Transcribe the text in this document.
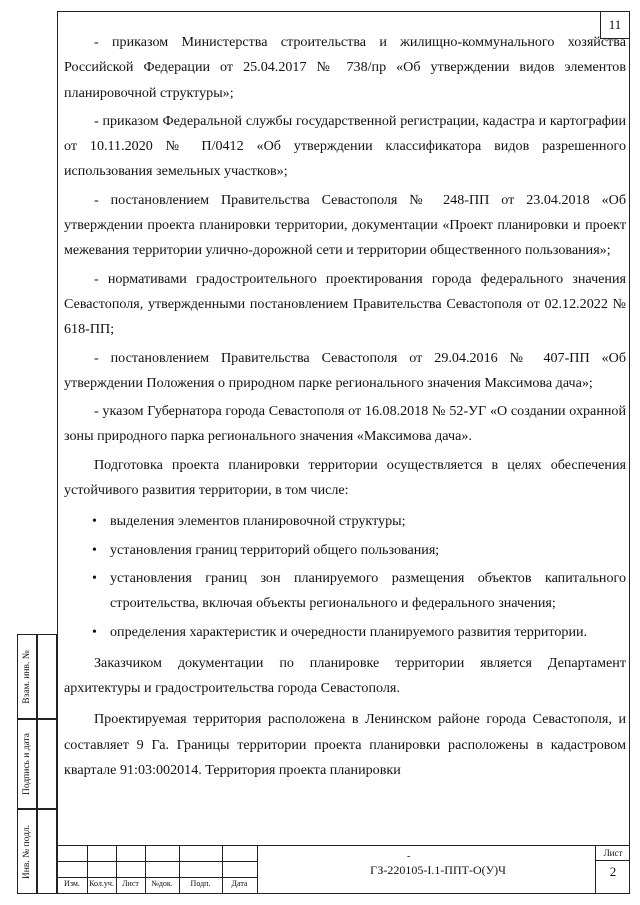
11

- приказом Министерства строительства и жилищно-коммунального хозяйства Российской Федерации от 25.04.2017 № 738/пр «Об утверждении видов элементов планировочной структуры»;

- приказом Федеральной службы государственной регистрации, кадастра и картографии от 10.11.2020 № П/0412 «Об утверждении классификатора видов разрешенного использования земельных участков»;

- постановлением Правительства Севастополя № 248-ПП от 23.04.2018 «Об утверждении проекта планировки территории, документации «Проект планировки и проект межевания территории улично-дорожной сети и территории общественного пользования»;

- нормативами градостроительного проектирования города федерального значения Севастополя, утвержденными постановлением Правительства Севастополя от 02.12.2022 № 618-ПП;

- постановлением Правительства Севастополя от 29.04.2016 № 407-ПП «Об утверждении Положения о природном парке регионального значения Максимова дача»;

- указом Губернатора города Севастополя от 16.08.2018 № 52-УГ «О создании охранной зоны природного парка регионального значения «Максимова дача».

Подготовка проекта планировки территории осуществляется в целях обеспечения устойчивого развития территории, в том числе:

• выделения элементов планировочной структуры;
• установления границ территорий общего пользования;
• установления границ зон планируемого размещения объектов капитального строительства, включая объекты регионального и федерального значения;
• определения характеристик и очередности планируемого развития территории.

Заказчиком документации по планировке территории является Департамент архитектуры и градостроительства города Севастополя.

Проектируемая территория расположена в Ленинском районе города Севастополя, и составляет 9 Га. Границы территории проекта планировки расположены в кадастровом квартале 91:03:002014. Территория проекта планировки

Взам. инв. №
Подпись и дата
Инв. № подл.
Изм.	Кол.уч.	Лист	№док.	Подп.	Дата
-
ГЗ-220105-I.1-ППТ-О(У)Ч
Лист
2
